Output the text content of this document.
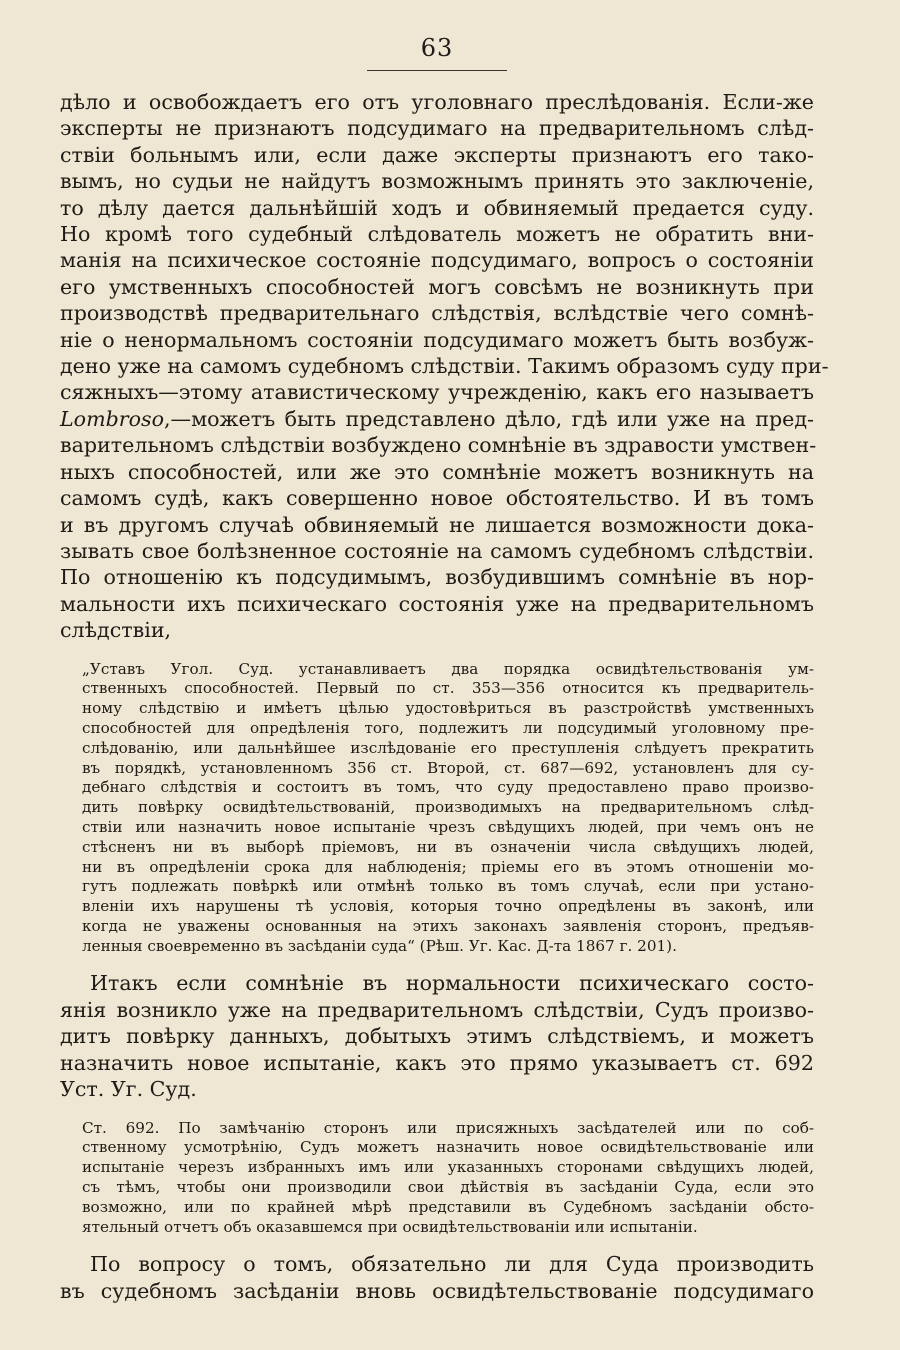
63
дѣло и освобождаетъ его отъ уголовнаго преслѣдованія. Если-же
эксперты не признаютъ подсудимаго на предварительномъ слѣд-
ствіи больнымъ или, если даже эксперты признаютъ его тако-
вымъ, но судьи не найдутъ возможнымъ принять это заключеніе,
то дѣлу дается дальнѣйшій ходъ и обвиняемый предается суду.
Но кромѣ того судебный слѣдователь можетъ не обратить вни-
манія на психическое состояніе подсудимаго, вопросъ о состояніи
его умственныхъ способностей могъ совсѣмъ не возникнуть при
производствѣ предварительнаго слѣдствія, вслѣдствіе чего сомнѣ-
ніе о ненормальномъ состояніи подсудимаго можетъ быть возбуж-
дено уже на самомъ судебномъ слѣдствіи. Такимъ образомъ суду при-
сяжныхъ—этому атавистическому учрежденію, какъ его называетъ
Lombroso,—можетъ быть представлено дѣло, гдѣ или уже на пред-
варительномъ слѣдствіи возбуждено сомнѣніе въ здравости умствен-
ныхъ способностей, или же это сомнѣніе можетъ возникнуть на
самомъ судѣ, какъ совершенно новое обстоятельство. И въ томъ
и въ другомъ случаѣ обвиняемый не лишается возможности дока-
зывать свое болѣзненное состояніе на самомъ судебномъ слѣдствіи.
По отношенію къ подсудимымъ, возбудившимъ сомнѣніе въ нор-
мальности ихъ психическаго состоянія уже на предварительномъ
слѣдствіи,
„Уставъ Угол. Суд. устанавливаетъ два порядка освидѣтельствованія ум-
ственныхъ способностей. Первый по ст. 353—356 относится къ предваритель-
ному слѣдствію и имѣетъ цѣлью удостовѣриться въ разстройствѣ умственныхъ
способностей для опредѣленія того, подлежитъ ли подсудимый уголовному пре-
слѣдованію, или дальнѣйшее изслѣдованіе его преступленія слѣдуетъ прекратить
въ порядкѣ, установленномъ 356 ст. Второй, ст. 687—692, установленъ для су-
дебнаго слѣдствія и состоитъ въ томъ, что суду предоставлено право произво-
дить повѣрку освидѣтельствованій, производимыхъ на предварительномъ слѣд-
ствіи или назначить новое испытаніе чрезъ свѣдущихъ людей, при чемъ онъ не
стѣсненъ ни въ выборѣ пріемовъ, ни въ означеніи числа свѣдущихъ людей,
ни въ опредѣленіи срока для наблюденія; пріемы его въ этомъ отношеніи мо-
гутъ подлежать повѣркѣ или отмѣнѣ только въ томъ случаѣ, если при устано-
вленіи ихъ нарушены тѣ условія, которыя точно опредѣлены въ законѣ, или
когда не уважены основанныя на этихъ законахъ заявленія сторонъ, предъяв-
ленныя своевременно въ засѣданіи суда“ (Рѣш. Уг. Кас. Д-та 1867 г. 201).
Итакъ если сомнѣніе въ нормальности психическаго состо-
янія возникло уже на предварительномъ слѣдствіи, Судъ произво-
дитъ повѣрку данныхъ, добытыхъ этимъ слѣдствіемъ, и можетъ
назначить новое испытаніе, какъ это прямо указываетъ ст. 692
Уст. Уг. Суд.
Ст. 692. По замѣчанію сторонъ или присяжныхъ засѣдателей или по соб-
ственному усмотрѣнію, Судъ можетъ назначить новое освидѣтельствованіе или
испытаніе черезъ избранныхъ имъ или указанныхъ сторонами свѣдущихъ людей,
съ тѣмъ, чтобы они производили свои дѣйствія въ засѣданіи Суда, если это
возможно, или по крайней мѣрѣ представили въ Судебномъ засѣданіи обсто-
ятельный отчетъ объ оказавшемся при освидѣтельствованіи или испытаніи.
По вопросу о томъ, обязательно ли для Суда производить
въ судебномъ засѣданіи вновь освидѣтельствованіе подсудимаго
